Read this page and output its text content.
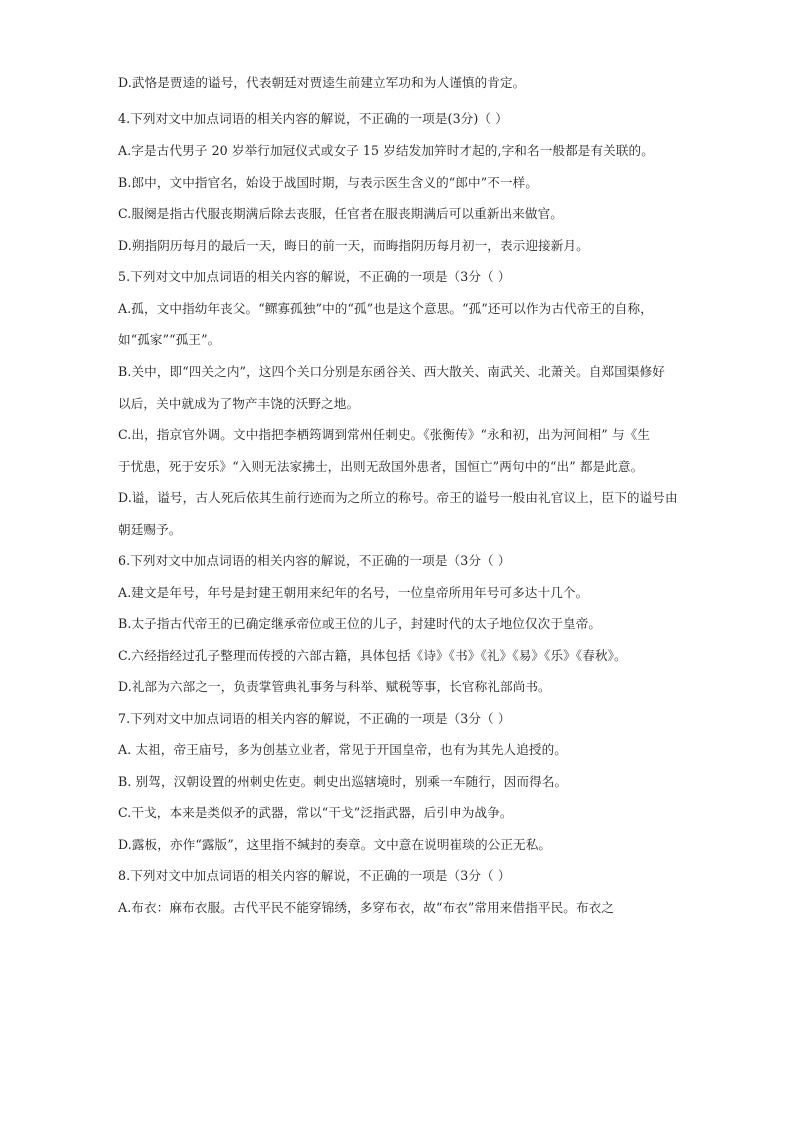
D.武恪是贾逵的谥号，代表朝廷对贾逵生前建立军功和为人谨慎的肯定。
4.下列对文中加点词语的相关内容的解说，不正确的一项是(3分)（ ）
A.字是古代男子 20 岁举行加冠仪式或女子 15 岁结发加笄时才起的,字和名一般都是有关联的。
B.郎中，文中指官名，始设于战国时期，与表示医生含义的“郎中”不一样。
C.服阕是指古代服丧期满后除去丧服，任官者在服丧期满后可以重新出来做官。
D.朔指阴历每月的最后一天，晦日的前一天，而晦指阴历每月初一，表示迎接新月。
5.下列对文中加点词语的相关内容的解说，不正确的一项是（3分（ ）
A.孤，文中指幼年丧父。“鳏寡孤独”中的“孤”也是这个意思。“孤”还可以作为古代帝王的自称，
如“孤家”“孤王”。
B.关中，即“四关之内”，这四个关口分别是东函谷关、西大散关、南武关、北萧关。自郑国渠修好
以后，关中就成为了物产丰饶的沃野之地。
C.出，指京官外调。文中指把李栖筠调到常州任刺史。《张衡传》“永和初，出为河间相” 与《生
于忧患，死于安乐》“入则无法家拂士，出则无敌国外患者，国恒亡”两句中的“出” 都是此意。
D.谥，谥号，古人死后依其生前行迹而为之所立的称号。帝王的谥号一般由礼官议上，臣下的谥号由
朝廷赐予。
6.下列对文中加点词语的相关内容的解说，不正确的一项是（3分（ ）
A.建文是年号，年号是封建王朝用来纪年的名号，一位皇帝所用年号可多达十几个。
B.太子指古代帝王的已确定继承帝位或王位的儿子，封建时代的太子地位仅次于皇帝。
C.六经指经过孔子整理而传授的六部古籍，具体包括《诗》《书》《礼》《易》《乐》《春秋》。
D.礼部为六部之一，负责掌管典礼事务与科举、赋税等事，长官称礼部尚书。
7.下列对文中加点词语的相关内容的解说，不正确的一项是（3分（ ）
A. 太祖，帝王庙号，多为创基立业者，常见于开国皇帝，也有为其先人追授的。
B. 别驾，汉朝设置的州刺史佐吏。刺史出巡辖境时，别乘一车随行，因而得名。
C.干戈，本来是类似矛的武器，常以“干戈”泛指武器，后引申为战争。
D.露板，亦作“露版”，这里指不缄封的奏章。文中意在说明崔琰的公正无私。
8.下列对文中加点词语的相关内容的解说，不正确的一项是（3分（ ）
A.布衣：麻布衣服。古代平民不能穿锦绣，多穿布衣，故“布衣”常用来借指平民。布衣之
